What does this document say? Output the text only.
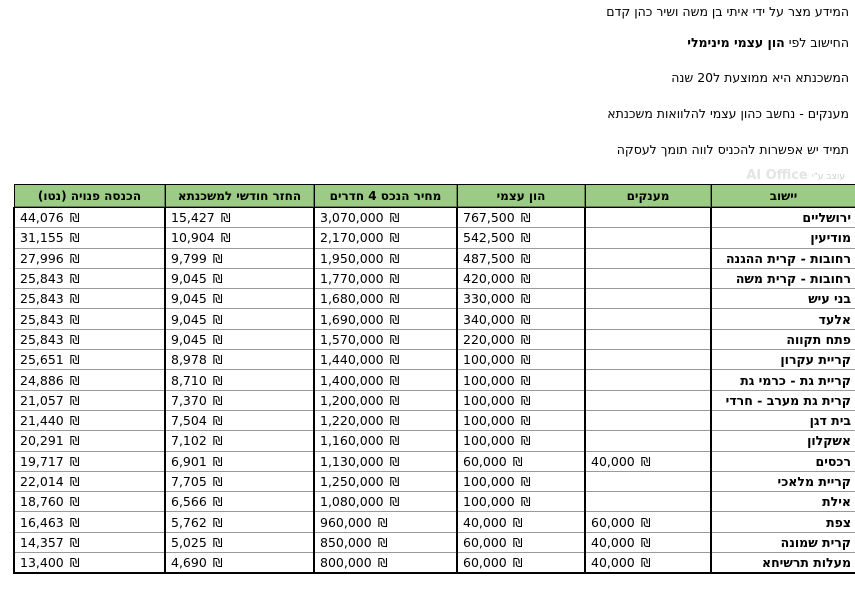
המידע מצר על ידי איתי בן משה ושיר כהן קדם
החישוב לפי הון עצמי מינימלי
המשכנתא היא ממוצעת ל20 שנה
מענקים - נחשב כהון עצמי להלוואות משכנתא
תמיד יש אפשרות להכניס לווה תומך לעסקה
עוצב ע"יAI Office
יישוב	מענקים	הון עצמי	מחיר הנכס 4 חדרים	החזר חודשי למשכנתא	הכנסה פנויה (נטו)
ירושליים		767,500 ₪	3,070,000 ₪	15,427 ₪	44,076 ₪
מודיעין		542,500 ₪	2,170,000 ₪	10,904 ₪	31,155 ₪
רחובות - קרית ההגנה		487,500 ₪	1,950,000 ₪	9,799 ₪	27,996 ₪
רחובות - קרית משה		420,000 ₪	1,770,000 ₪	9,045 ₪	25,843 ₪
בני עיש		330,000 ₪	1,680,000 ₪	9,045 ₪	25,843 ₪
אלעד		340,000 ₪	1,690,000 ₪	9,045 ₪	25,843 ₪
פתח תקווה		220,000 ₪	1,570,000 ₪	9,045 ₪	25,843 ₪
קריית עקרון		100,000 ₪	1,440,000 ₪	8,978 ₪	25,651 ₪
קריית גת - כרמי גת		100,000 ₪	1,400,000 ₪	8,710 ₪	24,886 ₪
קרית גת מערב - חרדי		100,000 ₪	1,200,000 ₪	7,370 ₪	21,057 ₪
בית דגן		100,000 ₪	1,220,000 ₪	7,504 ₪	21,440 ₪
אשקלון		100,000 ₪	1,160,000 ₪	7,102 ₪	20,291 ₪
רכסים	40,000 ₪	60,000 ₪	1,130,000 ₪	6,901 ₪	19,717 ₪
קריית מלאכי		100,000 ₪	1,250,000 ₪	7,705 ₪	22,014 ₪
אילת		100,000 ₪	1,080,000 ₪	6,566 ₪	18,760 ₪
צפת	60,000 ₪	40,000 ₪	960,000 ₪	5,762 ₪	16,463 ₪
קרית שמונה	40,000 ₪	60,000 ₪	850,000 ₪	5,025 ₪	14,357 ₪
מעלות תרשיחא	40,000 ₪	60,000 ₪	800,000 ₪	4,690 ₪	13,400 ₪
